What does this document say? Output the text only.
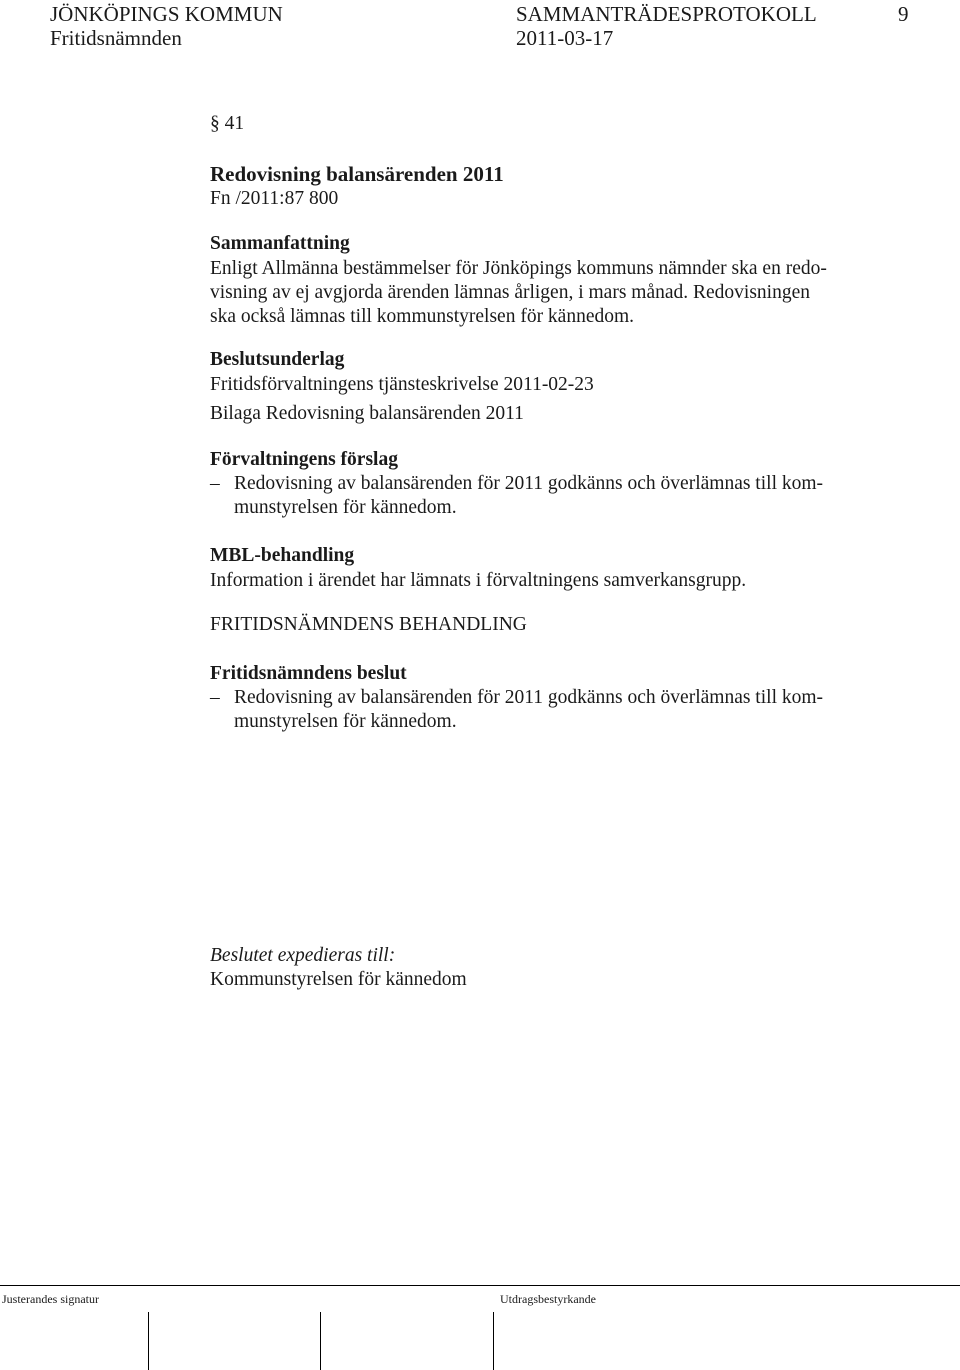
JÖNKÖPINGS KOMMUN	SAMMANTRÄDESPROTOKOLL	9
Fritidsnämnden	2011-03-17
§ 41
Redovisning balansärenden 2011
Fn /2011:87 800
Sammanfattning
Enligt Allmänna bestämmelser för Jönköpings kommuns nämnder ska en redo-
visning av ej avgjorda ärenden lämnas årligen, i mars månad. Redovisningen
ska också lämnas till kommunstyrelsen för kännedom.
Beslutsunderlag
Fritidsförvaltningens tjänsteskrivelse 2011-02-23
Bilaga Redovisning balansärenden 2011
Förvaltningens förslag
– Redovisning av balansärenden för 2011 godkänns och överlämnas till kom-
munstyrelsen för kännedom.
MBL-behandling
Information i ärendet har lämnats i förvaltningens samverkansgrupp.
FRITIDSNÄMNDENS BEHANDLING
Fritidsnämndens beslut
– Redovisning av balansärenden för 2011 godkänns och överlämnas till kom-
munstyrelsen för kännedom.
Beslutet expedieras till:
Kommunstyrelsen för kännedom
Justerandes signatur	Utdragsbestyrkande
